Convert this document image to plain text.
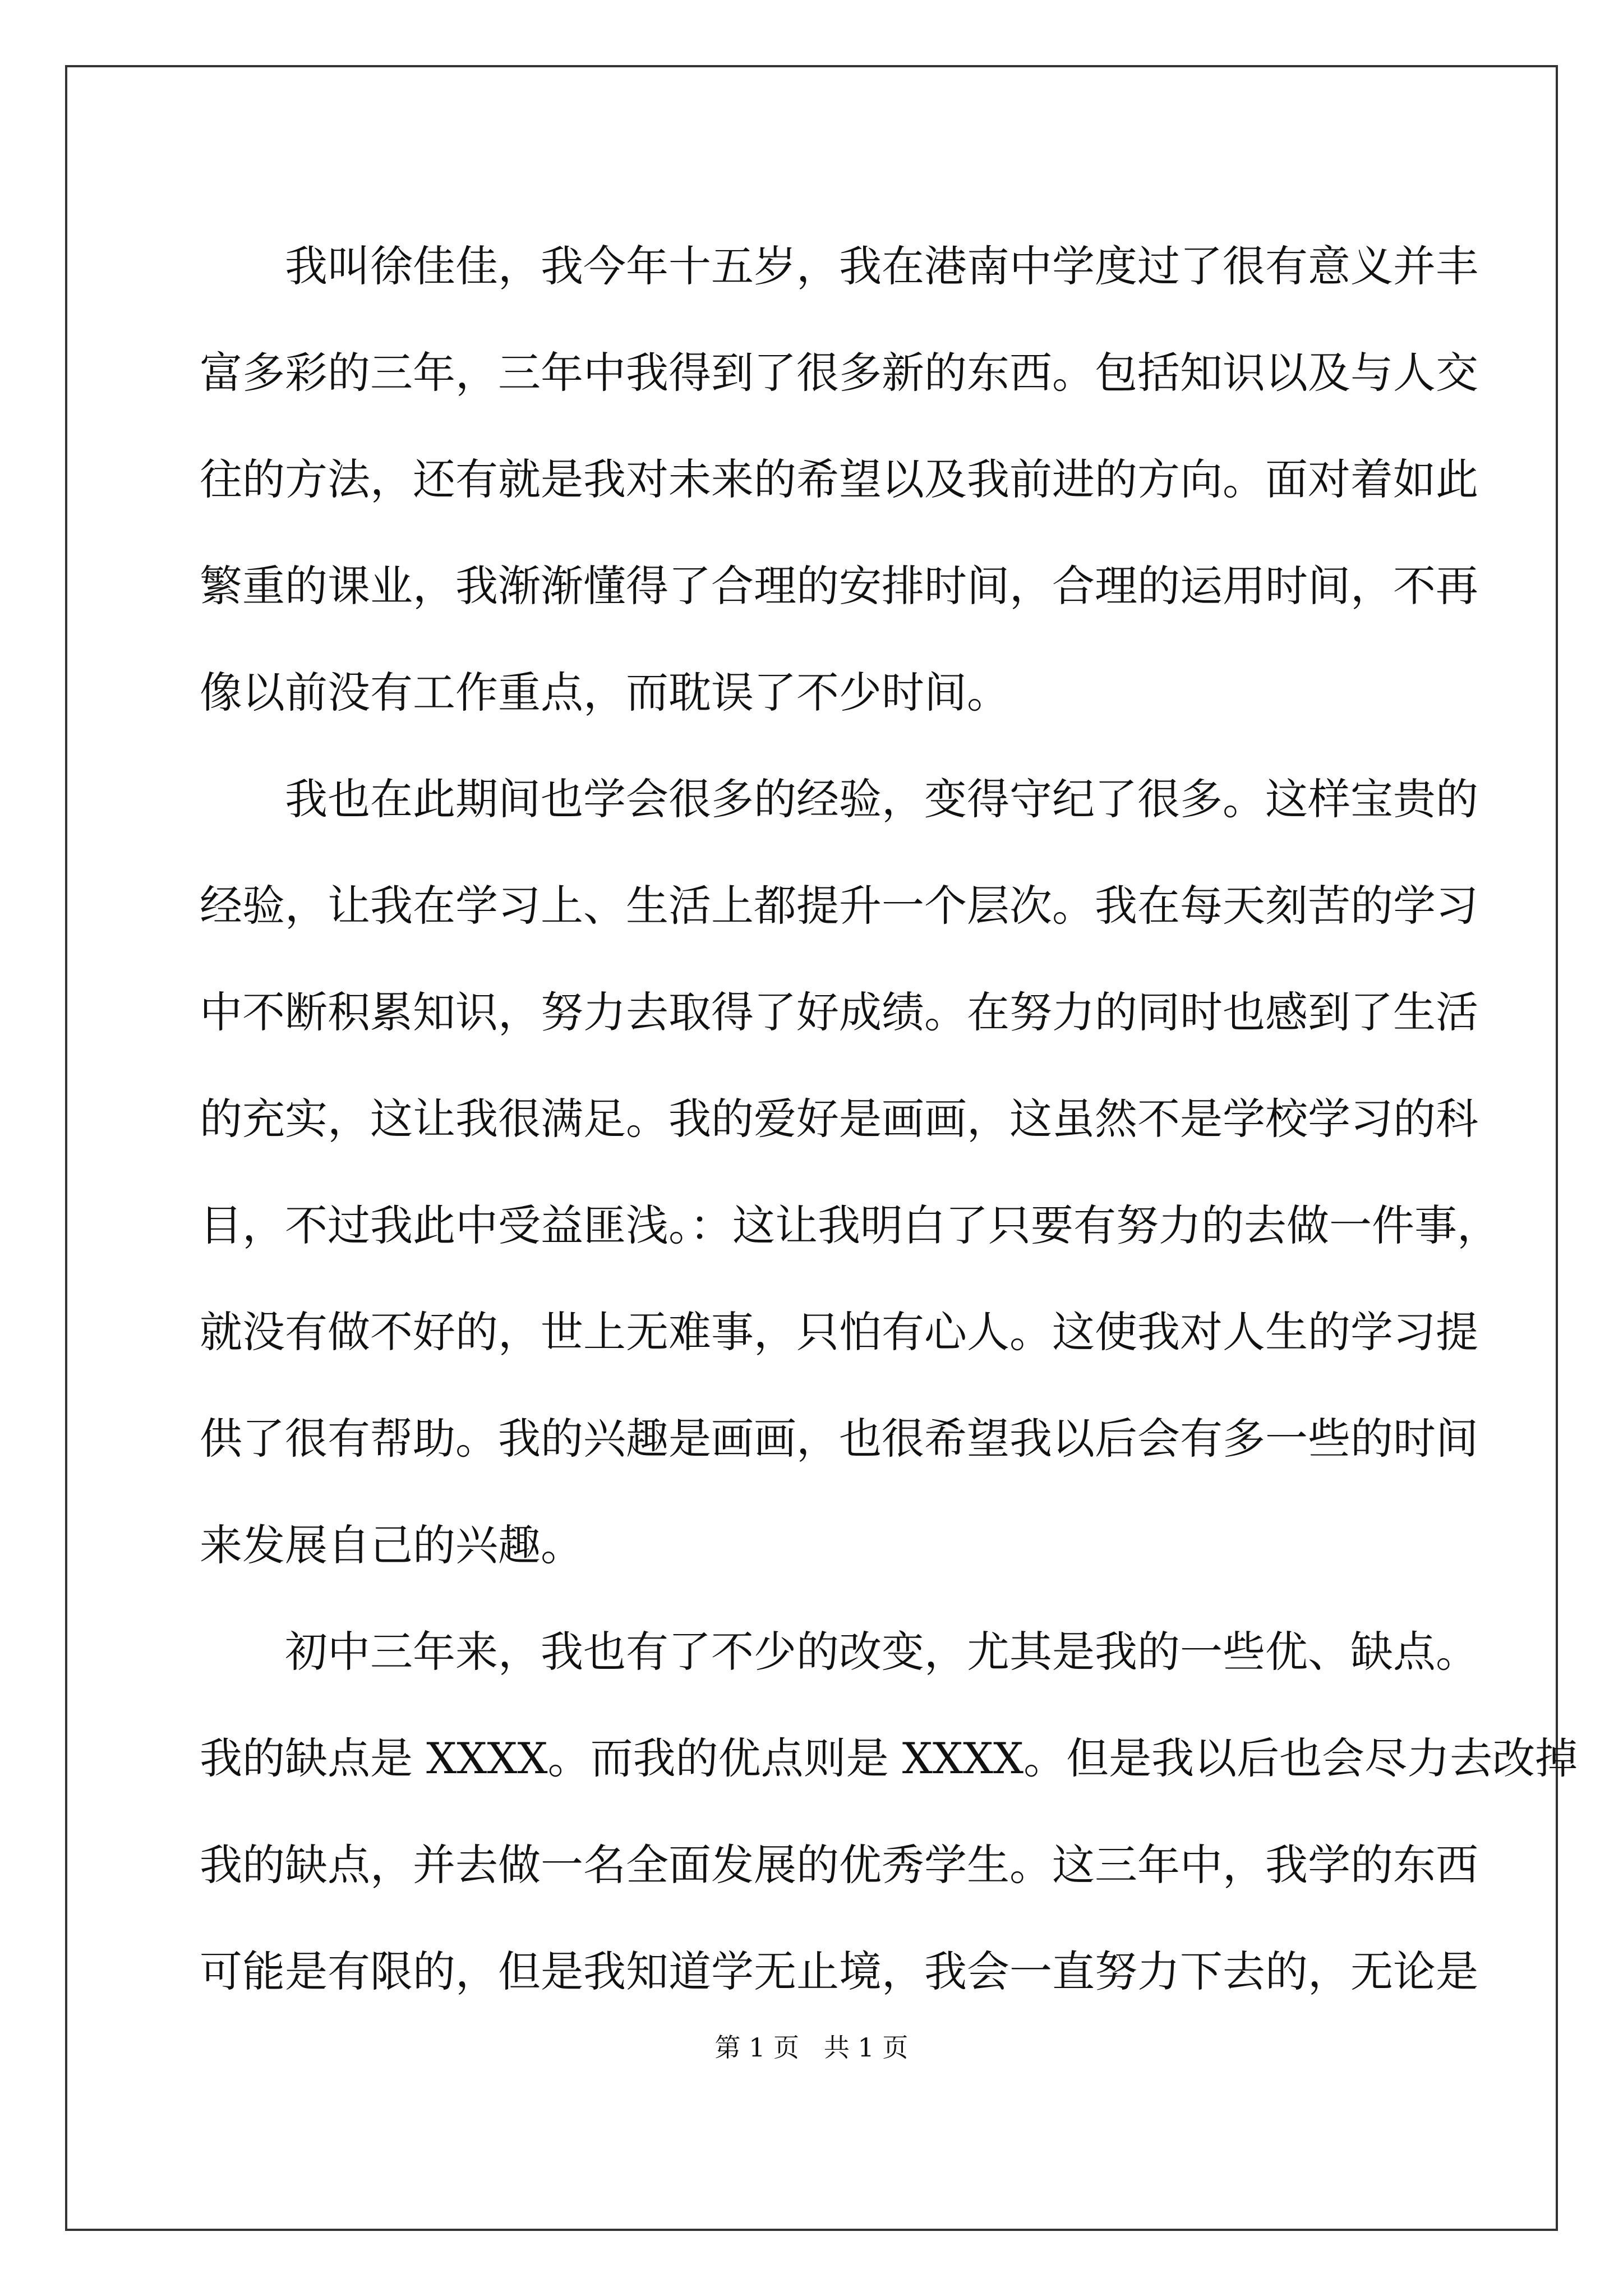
我叫徐佳佳，我今年十五岁，我在港南中学度过了很有意义并丰
富多彩的三年，三年中我得到了很多新的东西。包括知识以及与人交
往的方法，还有就是我对未来的希望以及我前进的方向。面对着如此
繁重的课业，我渐渐懂得了合理的安排时间，合理的运用时间，不再
像以前没有工作重点，而耽误了不少时间。
我也在此期间也学会很多的经验，变得守纪了很多。这样宝贵的
经验，让我在学习上、生活上都提升一个层次。我在每天刻苦的学习
中不断积累知识，努力去取得了好成绩。在努力的同时也感到了生活
的充实，这让我很满足。我的爱好是画画，这虽然不是学校学习的科
目，不过我此中受益匪浅。：这让我明白了只要有努力的去做一件事，
就没有做不好的，世上无难事，只怕有心人。这使我对人生的学习提
供了很有帮助。我的兴趣是画画，也很希望我以后会有多一些的时间
来发展自己的兴趣。
初中三年来，我也有了不少的改变，尤其是我的一些优、缺点。
我的缺点是 XXXX。而我的优点则是 XXXX。但是我以后也会尽力去改掉
我的缺点，并去做一名全面发展的优秀学生。这三年中，我学的东西
可能是有限的，但是我知道学无止境，我会一直努力下去的，无论是
第 1 页   共 1 页
